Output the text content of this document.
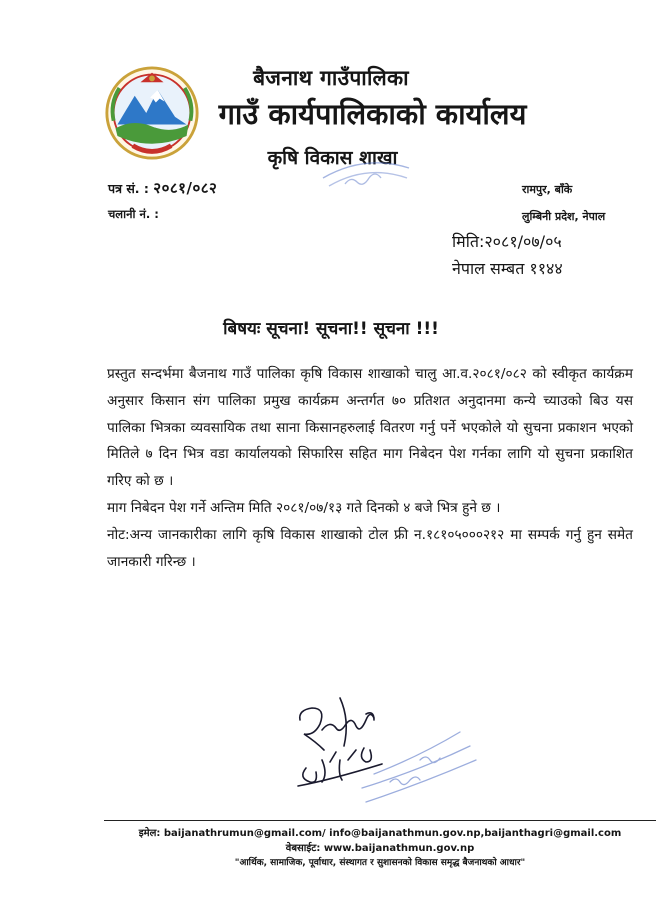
बैजनाथ गाउँपालिका
गाउँ कार्यपालिकाको कार्यालय
कृषि विकास शाखा
पत्र सं. : २०८१/०८२
चलानी नं. :
रामपुर, बाँके
लुम्बिनी प्रदेश, नेपाल
मिति:२०८१/०७/०५
नेपाल सम्बत ११४४
बिषयः सूचना! सूचना!! सूचना !!!

प्रस्तुत सन्दर्भमा बैजनाथ गाउँ पालिका कृषि विकास शाखाको चालु आ.व.२०८१/०८२ को स्वीकृत कार्यक्रम अनुसार किसान संग पालिका प्रमुख कार्यक्रम अन्तर्गत ७० प्रतिशत अनुदानमा कन्ये च्याउको बिउ यस पालिका भित्रका व्यवसायिक तथा साना किसानहरुलाई वितरण गर्नु पर्ने भएकोले यो सुचना प्रकाशन भएको मितिले ७ दिन भित्र वडा कार्यालयको सिफारिस सहित माग निबेदन पेश गर्नका लागि यो सुचना प्रकाशित गरिए को छ ।

माग निबेदन पेश गर्ने अन्तिम मिति २०८१/०७/१३ गते दिनको ४ बजे भित्र हुने छ ।

नोट:अन्य जानकारीका लागि कृषि विकास शाखाको टोल फ्री न.१८१०५०००२१२ मा सम्पर्क गर्नु हुन समेत जानकारी गरिन्छ ।

इमेल: baijanathrumun@gmail.com/ info@baijanathmun.gov.np,baijanthagri@gmail.com
वेबसाईट: www.baijanathmun.gov.np
"आर्थिक, सामाजिक, पूर्वाधार, संस्थागत र सुशासनको विकास समृद्ध बैजनाथको आधार"
